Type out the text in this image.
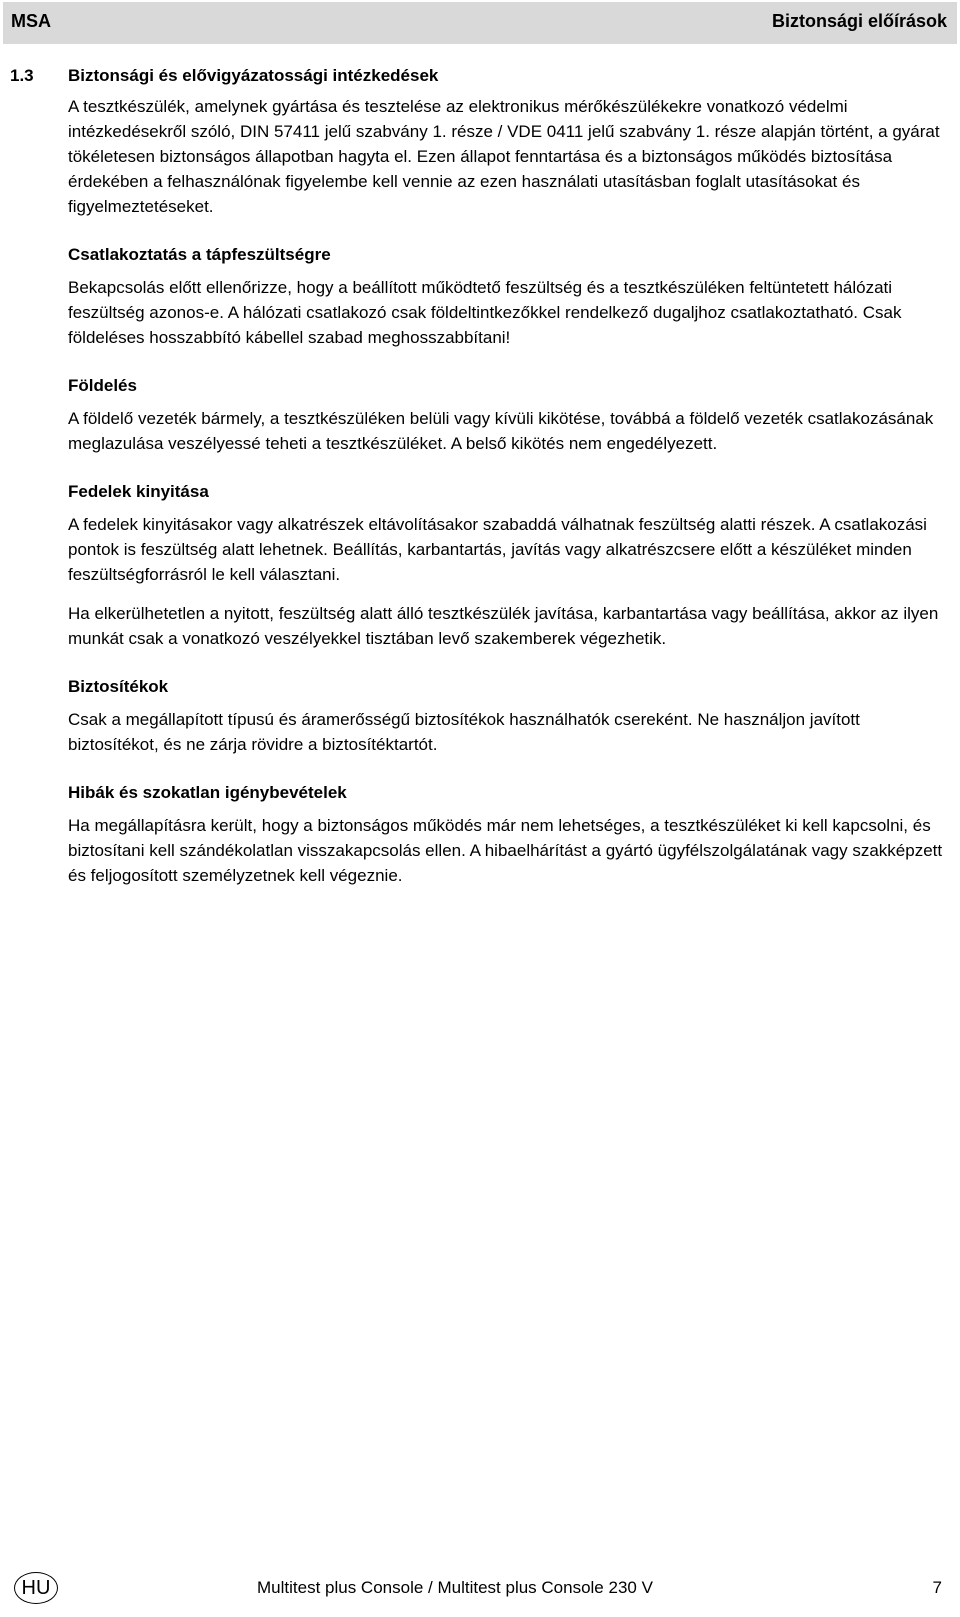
MSA	Biztonsági előírások
1.3	Biztonsági és elővigyázatossági intézkedések

A tesztkészülék, amelynek gyártása és tesztelése az elektronikus mérőkészülékekre vonatkozó védelmi intézkedésekről szóló, DIN 57411 jelű szabvány 1. része / VDE 0411 jelű szabvány 1. része alapján történt, a gyárat tökéletesen biztonságos állapotban hagyta el. Ezen állapot fenntartása és a biztonságos működés biztosítása érdekében a felhasználónak figyelembe kell vennie az ezen használati utasításban foglalt utasításokat és figyelmeztetéseket.

Csatlakoztatás a tápfeszültségre

Bekapcsolás előtt ellenőrizze, hogy a beállított működtető feszültség és a tesztkészüléken feltüntetett hálózati feszültség azonos-e. A hálózati csatlakozó csak földeltintkezőkkel rendelkező dugaljhoz csatlakoztatható. Csak földeléses hosszabbító kábellel szabad meghosszabbítani!

Földelés

A földelő vezeték bármely, a tesztkészüléken belüli vagy kívüli kikötése, továbbá a földelő vezeték csatlakozásának meglazulása veszélyessé teheti a tesztkészüléket. A belső kikötés nem engedélyezett.

Fedelek kinyitása

A fedelek kinyitásakor vagy alkatrészek eltávolításakor szabaddá válhatnak feszültség alatti részek. A csatlakozási pontok is feszültség alatt lehetnek. Beállítás, karbantartás, javítás vagy alkatrészcsere előtt a készüléket minden feszültségforrásról le kell választani.

Ha elkerülhetetlen a nyitott, feszültség alatt álló tesztkészülék javítása, karbantartása vagy beállítása, akkor az ilyen munkát csak a vonatkozó veszélyekkel tisztában levő szakemberek végezhetik.

Biztosítékok

Csak a megállapított típusú és áramerősségű biztosítékok használhatók csereként. Ne használjon javított biztosítékot, és ne zárja rövidre a biztosítéktartót.

Hibák és szokatlan igénybevételek

Ha megállapításra került, hogy a biztonságos működés már nem lehetséges, a tesztkészüléket ki kell kapcsolni, és biztosítani kell szándékolatlan visszakapcsolás ellen. A hibaelhárítást a gyártó ügyfélszolgálatának vagy szakképzett és feljogosított személyzetnek kell végeznie.

HU	Multitest plus Console / Multitest plus Console 230 V	7
